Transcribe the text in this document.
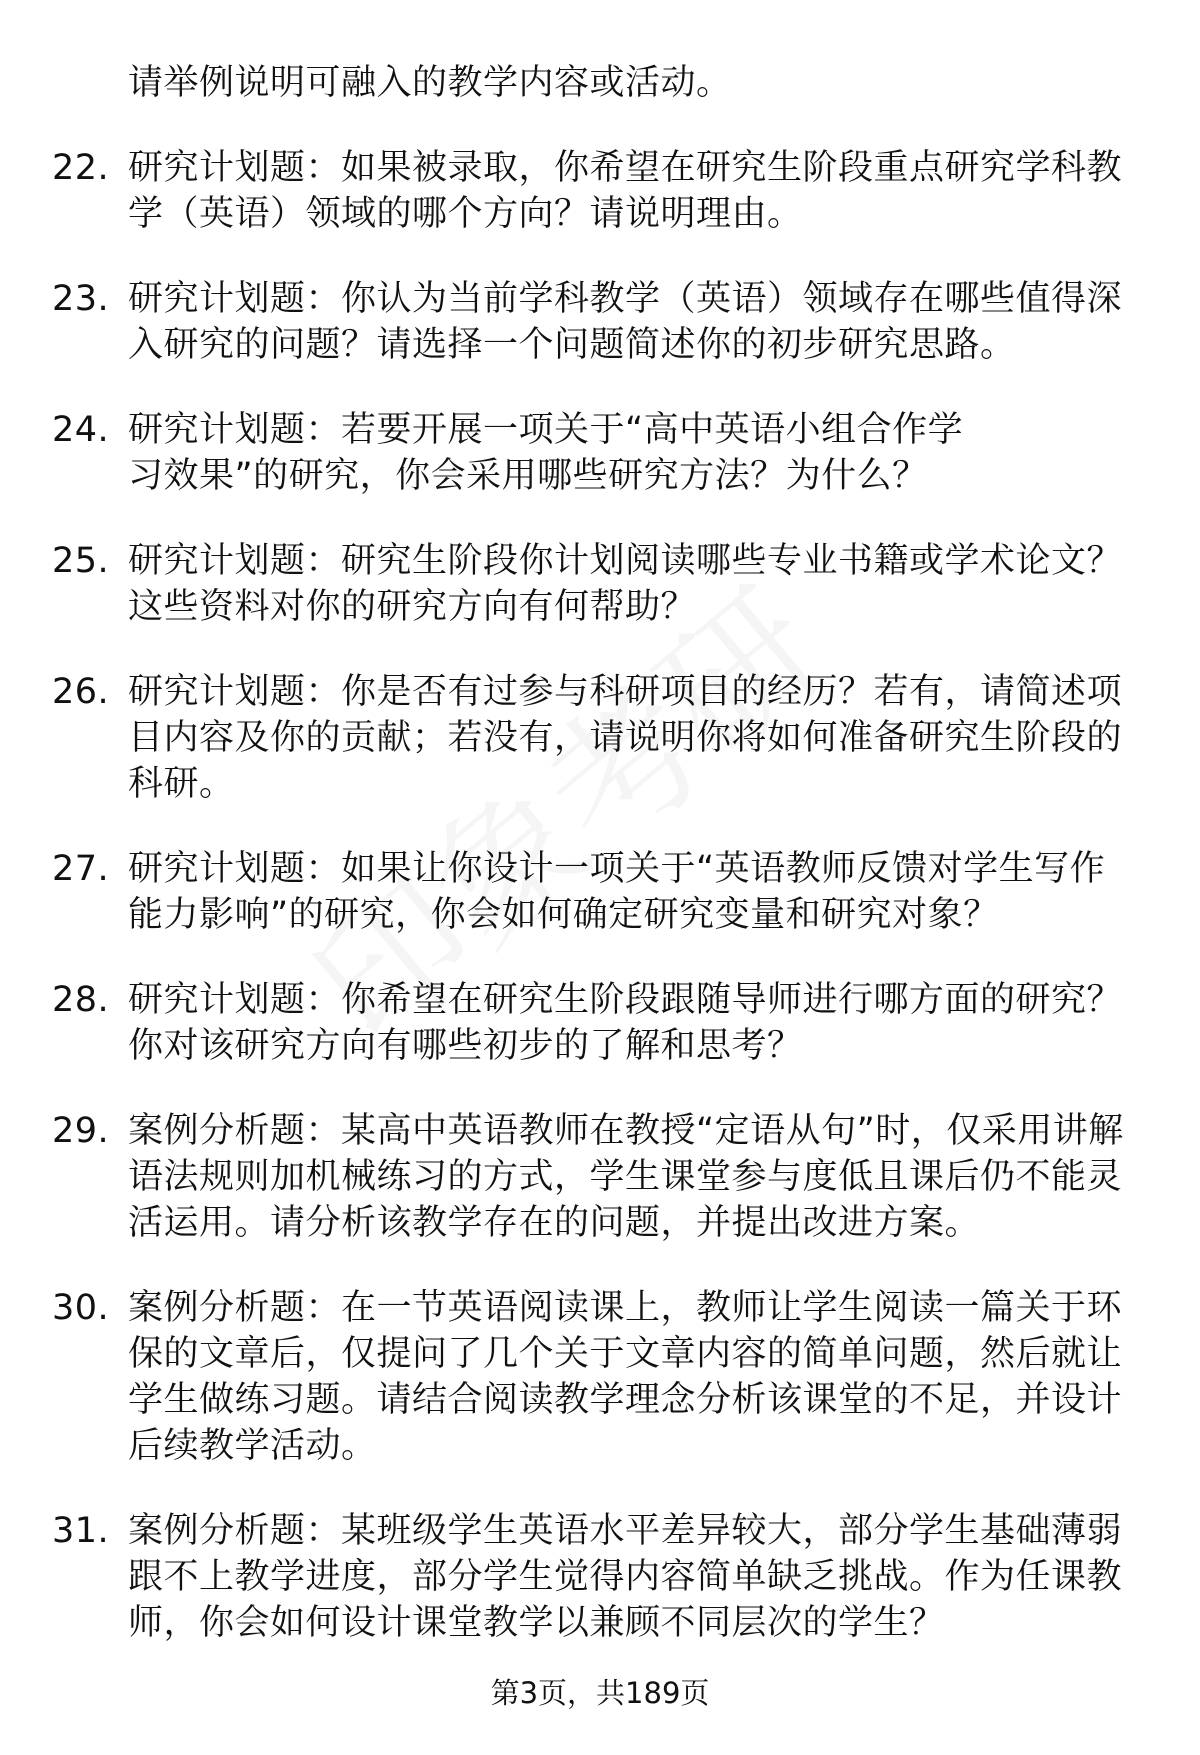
请举例说明可融入的教学内容或活动。
22. 研究计划题：如果被录取，你希望在研究生阶段重点研究学科教学（英语）领域的哪个方向？请说明理由。
23. 研究计划题：你认为当前学科教学（英语）领域存在哪些值得深入研究的问题？请选择一个问题简述你的初步研究思路。
24. 研究计划题：若要开展一项关于“高中英语小组合作学习效果”的研究，你会采用哪些研究方法？为什么？
25. 研究计划题：研究生阶段你计划阅读哪些专业书籍或学术论文？这些资料对你的研究方向有何帮助？
26. 研究计划题：你是否有过参与科研项目的经历？若有，请简述项目内容及你的贡献；若没有，请说明你将如何准备研究生阶段的科研。
27. 研究计划题：如果让你设计一项关于“英语教师反馈对学生写作能力影响”的研究，你会如何确定研究变量和研究对象？
28. 研究计划题：你希望在研究生阶段跟随导师进行哪方面的研究？你对该研究方向有哪些初步的了解和思考？
29. 案例分析题：某高中英语教师在教授“定语从句”时，仅采用讲解语法规则加机械练习的方式，学生课堂参与度低且课后仍不能灵活运用。请分析该教学存在的问题，并提出改进方案。
30. 案例分析题：在一节英语阅读课上，教师让学生阅读一篇关于环保的文章后，仅提问了几个关于文章内容的简单问题，然后就让学生做练习题。请结合阅读教学理念分析该课堂的不足，并设计后续教学活动。
31. 案例分析题：某班级学生英语水平差异较大，部分学生基础薄弱跟不上教学进度，部分学生觉得内容简单缺乏挑战。作为任课教师，你会如何设计课堂教学以兼顾不同层次的学生？
第3页，共189页
